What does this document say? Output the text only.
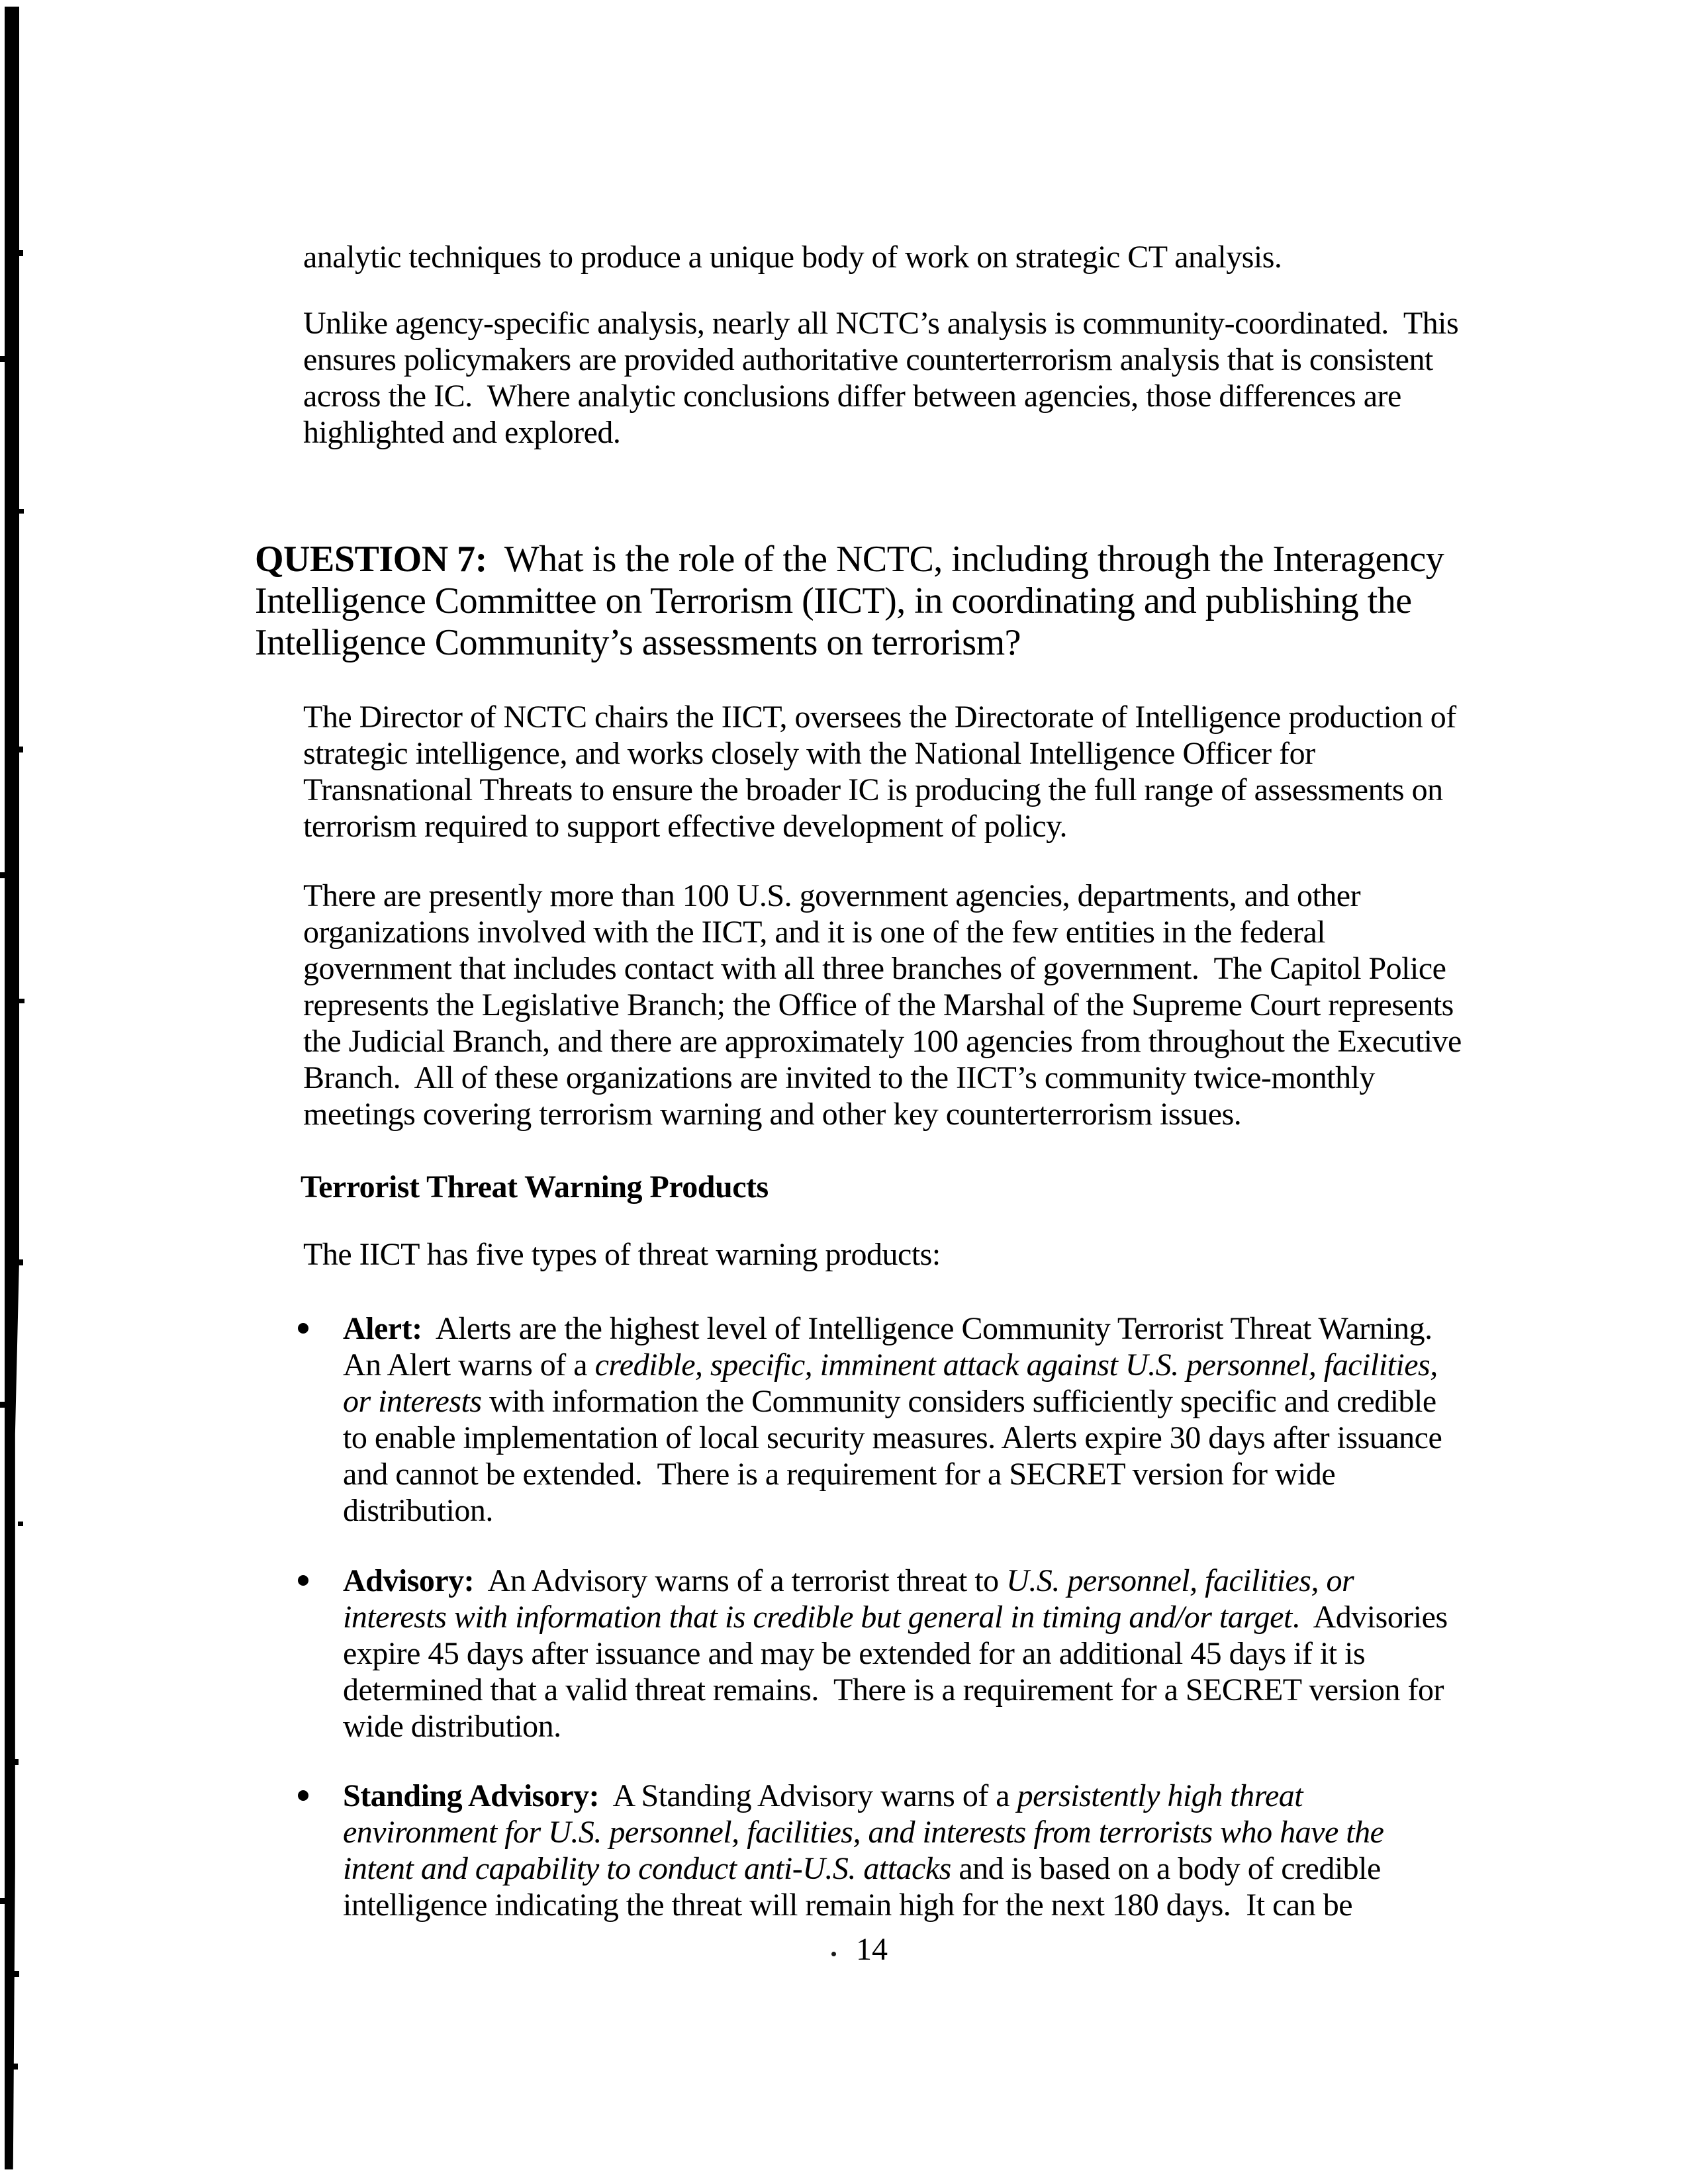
analytic techniques to produce a unique body of work on strategic CT analysis.
Unlike agency-specific analysis, nearly all NCTC’s analysis is community-coordinated.  This
ensures policymakers are provided authoritative counterterrorism analysis that is consistent
across the IC.  Where analytic conclusions differ between agencies, those differences are
highlighted and explored.
QUESTION 7:  What is the role of the NCTC, including through the Interagency
Intelligence Committee on Terrorism (IICT), in coordinating and publishing the
Intelligence Community’s assessments on terrorism?
The Director of NCTC chairs the IICT, oversees the Directorate of Intelligence production of
strategic intelligence, and works closely with the National Intelligence Officer for
Transnational Threats to ensure the broader IC is producing the full range of assessments on
terrorism required to support effective development of policy.
There are presently more than 100 U.S. government agencies, departments, and other
organizations involved with the IICT, and it is one of the few entities in the federal
government that includes contact with all three branches of government.  The Capitol Police
represents the Legislative Branch; the Office of the Marshal of the Supreme Court represents
the Judicial Branch, and there are approximately 100 agencies from throughout the Executive
Branch.  All of these organizations are invited to the IICT’s community twice-monthly
meetings covering terrorism warning and other key counterterrorism issues.
Terrorist Threat Warning Products
The IICT has five types of threat warning products:
Alert:  Alerts are the highest level of Intelligence Community Terrorist Threat Warning.
An Alert warns of a credible, specific, imminent attack against U.S. personnel, facilities,
or interests with information the Community considers sufficiently specific and credible
to enable implementation of local security measures. Alerts expire 30 days after issuance
and cannot be extended.  There is a requirement for a SECRET version for wide
distribution.
Advisory:  An Advisory warns of a terrorist threat to U.S. personnel, facilities, or
interests with information that is credible but general in timing and/or target.  Advisories
expire 45 days after issuance and may be extended for an additional 45 days if it is
determined that a valid threat remains.  There is a requirement for a SECRET version for
wide distribution.
Standing Advisory:  A Standing Advisory warns of a persistently high threat
environment for U.S. personnel, facilities, and interests from terrorists who have the
intent and capability to conduct anti-U.S. attacks and is based on a body of credible
intelligence indicating the threat will remain high for the next 180 days.  It can be
14
